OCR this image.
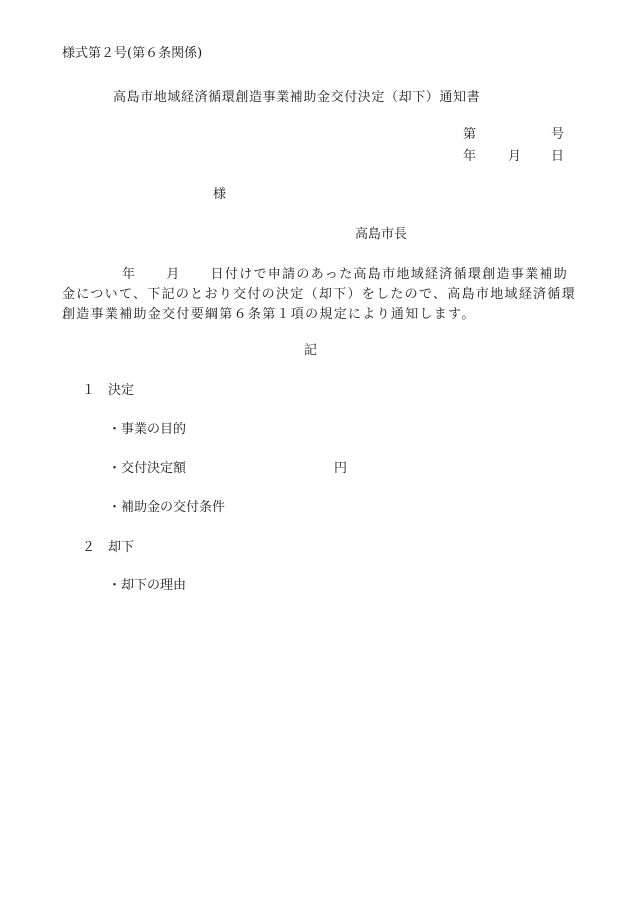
様式第２号(第６条関係)
高島市地域経済循環創造事業補助金交付決定（却下）通知書
第	号
年 月 日
様
高島市長
年 月 日付けで申請のあった高島市地域経済循環創造事業補助金について、下記のとおり交付の決定（却下）をしたので、高島市地域経済循環創造事業補助金交付要綱第６条第１項の規定により通知します。
記
１ 決定
・事業の目的
・交付決定額	円
・補助金の交付条件
２ 却下
・却下の理由
